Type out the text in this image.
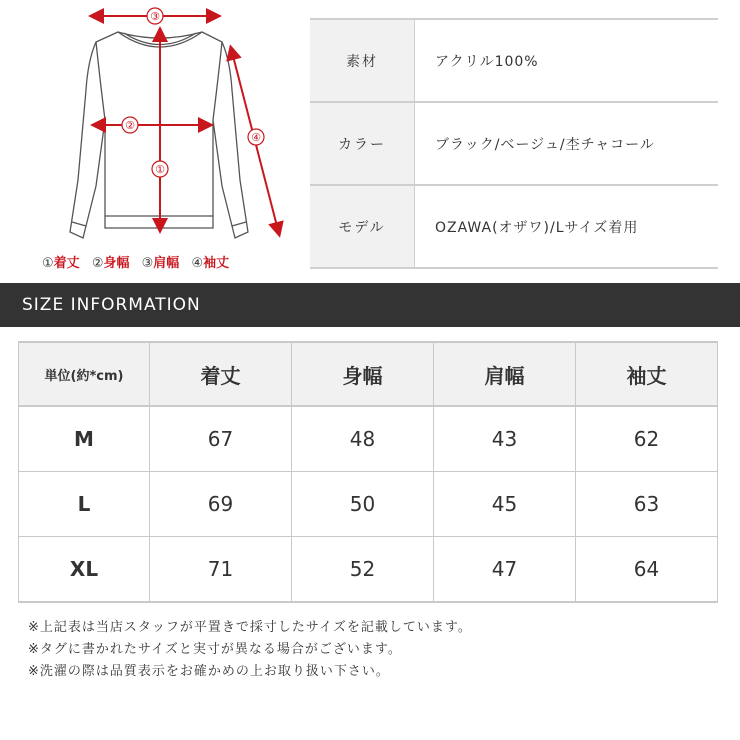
③
②
①
④
①着丈 ②身幅 ③肩幅 ④袖丈
素材	アクリル100%
カラー	ブラック/ベージュ/杢チャコール
モデル	OZAWA(オザワ)/Lサイズ着用
SIZE INFORMATION
単位(約*cm)	着丈	身幅	肩幅	袖丈
M	67	48	43	62
L	69	50	45	63
XL	71	52	47	64
※上記表は当店スタッフが平置きで採寸したサイズを記載しています。
※タグに書かれたサイズと実寸が異なる場合がございます。
※洗濯の際は品質表示をお確かめの上お取り扱い下さい。
